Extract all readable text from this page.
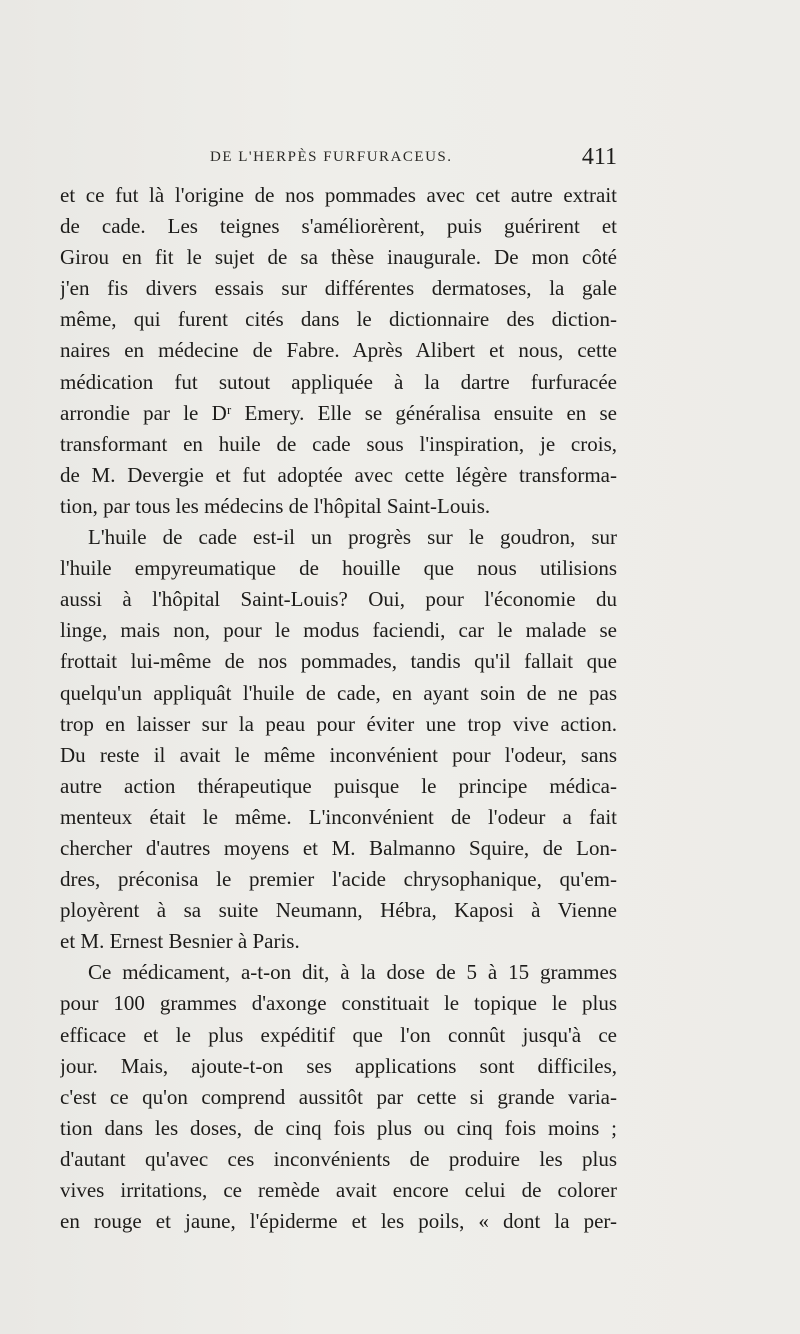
DE L'HERPÈS FURFURACEUS.	411
et ce fut là l'origine de nos pommades avec cet autre extrait
de cade. Les teignes s'améliorèrent, puis guérirent et
Girou en fit le sujet de sa thèse inaugurale. De mon côté
j'en fis divers essais sur différentes dermatoses, la gale
même, qui furent cités dans le dictionnaire des diction-
naires en médecine de Fabre. Après Alibert et nous, cette
médication fut sutout appliquée à la dartre furfuracée
arrondie par le Dʳ Emery. Elle se généralisa ensuite en se
transformant en huile de cade sous l'inspiration, je crois,
de M. Devergie et fut adoptée avec cette légère transforma-
tion, par tous les médecins de l'hôpital Saint-Louis.
L'huile de cade est-il un progrès sur le goudron, sur
l'huile empyreumatique de houille que nous utilisions
aussi à l'hôpital Saint-Louis? Oui, pour l'économie du
linge, mais non, pour le modus faciendi, car le malade se
frottait lui-même de nos pommades, tandis qu'il fallait que
quelqu'un appliquât l'huile de cade, en ayant soin de ne pas
trop en laisser sur la peau pour éviter une trop vive action.
Du reste il avait le même inconvénient pour l'odeur, sans
autre action thérapeutique puisque le principe médica-
menteux était le même. L'inconvénient de l'odeur a fait
chercher d'autres moyens et M. Balmanno Squire, de Lon-
dres, préconisa le premier l'acide chrysophanique, qu'em-
ployèrent à sa suite Neumann, Hébra, Kaposi à Vienne
et M. Ernest Besnier à Paris.
Ce médicament, a-t-on dit, à la dose de 5 à 15 grammes
pour 100 grammes d'axonge constituait le topique le plus
efficace et le plus expéditif que l'on connût jusqu'à ce
jour. Mais, ajoute-t-on ses applications sont difficiles,
c'est ce qu'on comprend aussitôt par cette si grande varia-
tion dans les doses, de cinq fois plus ou cinq fois moins ;
d'autant qu'avec ces inconvénients de produire les plus
vives irritations, ce remède avait encore celui de colorer
en rouge et jaune, l'épiderme et les poils, « dont la per-
